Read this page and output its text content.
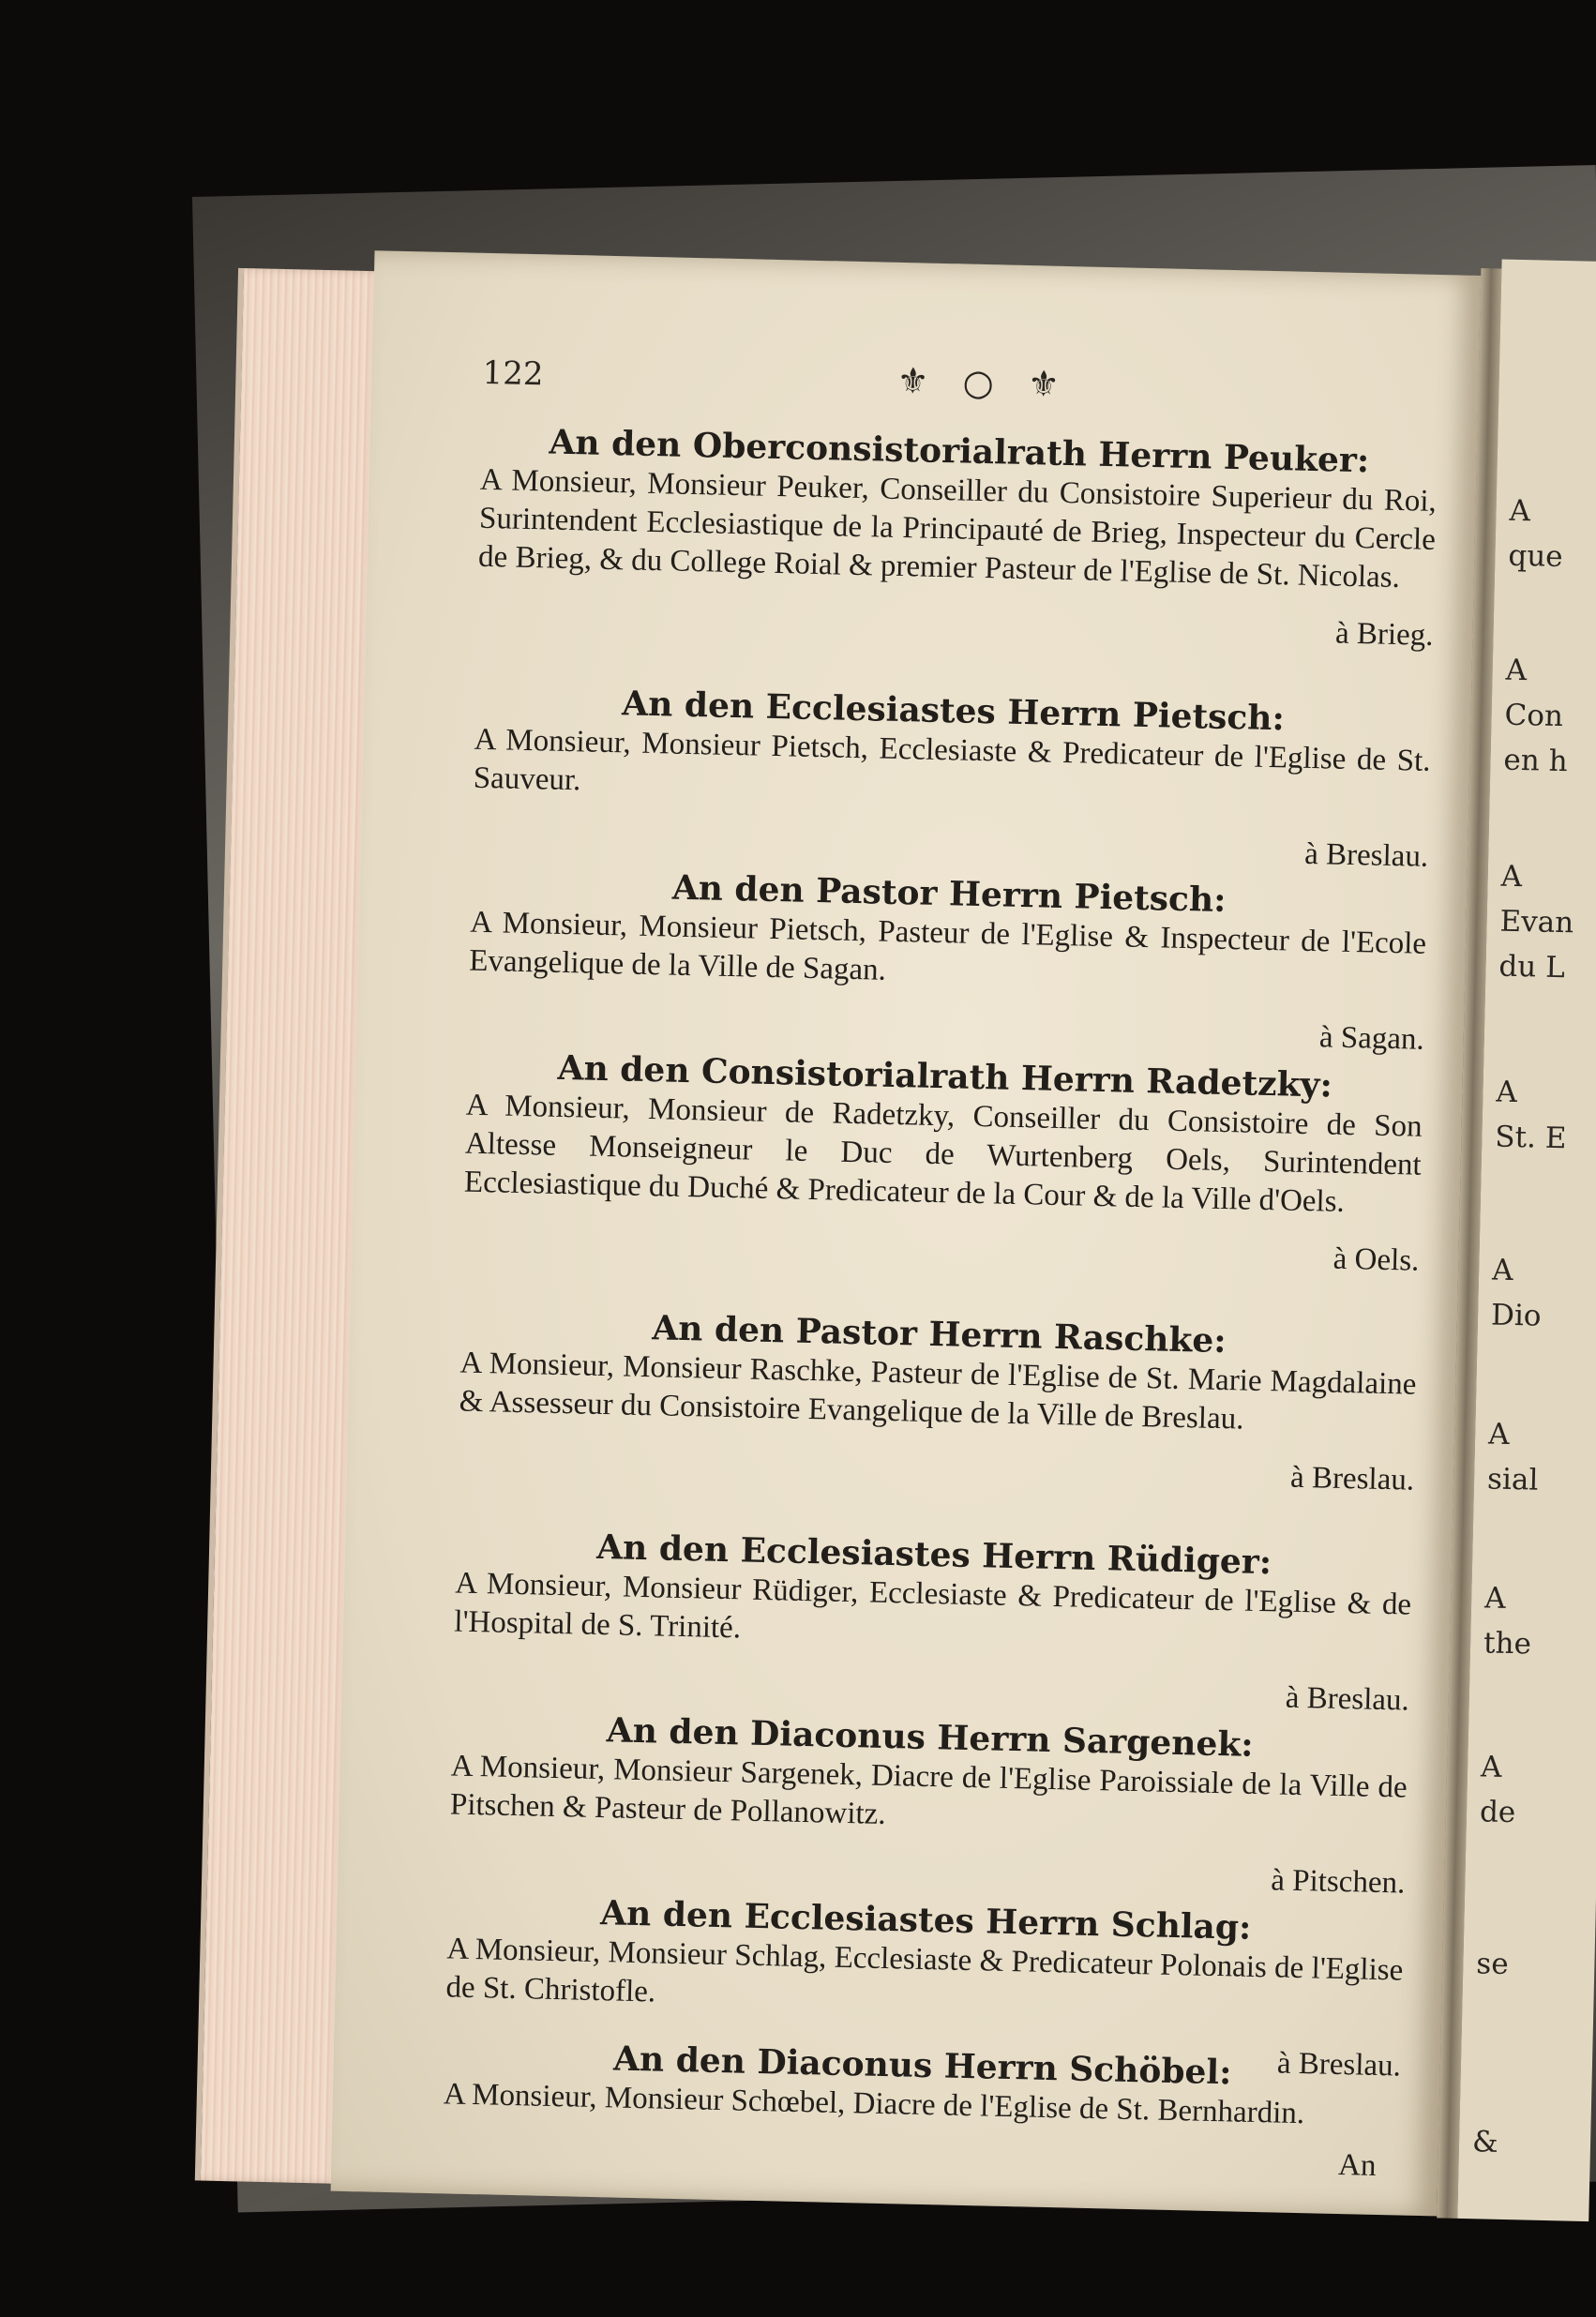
122	⚜ ○ ⚜
An den Oberconsistorialrath Herrn Peuker:
A Monsieur, Monsieur Peuker, Conseiller du Consistoire Superieur du Roi, Surintendent Ecclesiastique de la Principauté de Brieg, Inspecteur du Cercle de Brieg, & du College Roial & premier Pasteur de l'Eglise de St. Nicolas.
à Brieg.
An den Ecclesiastes Herrn Pietsch:
A Monsieur, Monsieur Pietsch, Ecclesiaste & Predicateur de l'Eglise de St. Sauveur.
à Breslau.
An den Pastor Herrn Pietsch:
A Monsieur, Monsieur Pietsch, Pasteur de l'Eglise & Inspecteur de l'Ecole Evangelique de la Ville de Sagan.
à Sagan.
An den Consistorialrath Herrn Radetzky:
A Monsieur, Monsieur de Radetzky, Conseiller du Consistoire de Son Altesse Monseigneur le Duc de Wurtenberg Oels, Surintendent Ecclesiastique du Duché & Predicateur de la Cour & de la Ville d'Oels.
à Oels.
An den Pastor Herrn Raschke:
A Monsieur, Monsieur Raschke, Pasteur de l'Eglise de St. Marie Magdalaine & Assesseur du Consistoire Evangelique de la Ville de Breslau.
à Breslau.
An den Ecclesiastes Herrn Rüdiger:
A Monsieur, Monsieur Rüdiger, Ecclesiaste & Predicateur de l'Eglise & de l'Hospital de S. Trinité.
à Breslau.
An den Diaconus Herrn Sargenek:
A Monsieur, Monsieur Sargenek, Diacre de l'Eglise Paroissiale de la Ville de Pitschen & Pasteur de Pollanowitz.
à Pitschen.
An den Ecclesiastes Herrn Schlag:
A Monsieur, Monsieur Schlag, Ecclesiaste & Predicateur Polonais de l'Eglise de St. Christofle.
à Breslau.
An den Diaconus Herrn Schöbel:
A Monsieur, Monsieur Schœbel, Diacre de l'Eglise de St. Bernhardin.
An
A
que
A
Con
en h
A
Evan
du L
A
St. E
A
Dio
A
sial
A
the
A
de
se
&
